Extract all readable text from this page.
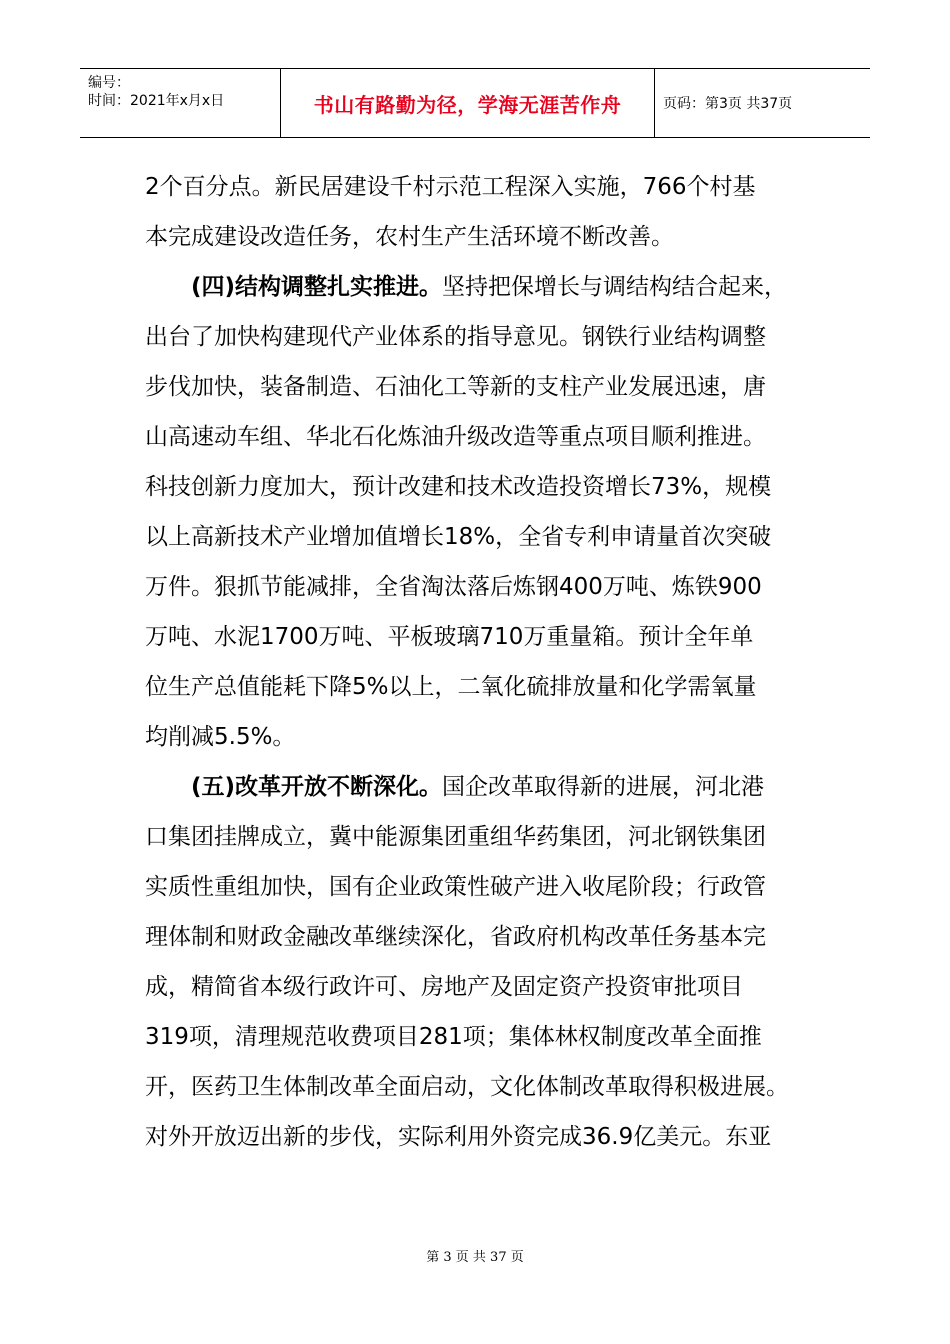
编号：
时间：2021年x月x日	书山有路勤为径，学海无涯苦作舟	页码：第3页 共37页

2个百分点。新民居建设千村示范工程深入实施，766个村基
本完成建设改造任务，农村生产生活环境不断改善。

(四)结构调整扎实推进。坚持把保增长与调结构结合起来，
出台了加快构建现代产业体系的指导意见。钢铁行业结构调整
步伐加快，装备制造、石油化工等新的支柱产业发展迅速，唐
山高速动车组、华北石化炼油升级改造等重点项目顺利推进。
科技创新力度加大，预计改建和技术改造投资增长73%，规模
以上高新技术产业增加值增长18%，全省专利申请量首次突破
万件。狠抓节能减排，全省淘汰落后炼钢400万吨、炼铁900
万吨、水泥1700万吨、平板玻璃710万重量箱。预计全年单
位生产总值能耗下降5%以上，二氧化硫排放量和化学需氧量
均削减5.5%。

(五)改革开放不断深化。国企改革取得新的进展，河北港
口集团挂牌成立，冀中能源集团重组华药集团，河北钢铁集团
实质性重组加快，国有企业政策性破产进入收尾阶段；行政管
理体制和财政金融改革继续深化，省政府机构改革任务基本完
成，精简省本级行政许可、房地产及固定资产投资审批项目
319项，清理规范收费项目281项；集体林权制度改革全面推
开，医药卫生体制改革全面启动，文化体制改革取得积极进展。
对外开放迈出新的步伐，实际利用外资完成36.9亿美元。东亚

第 3 页 共 37 页
